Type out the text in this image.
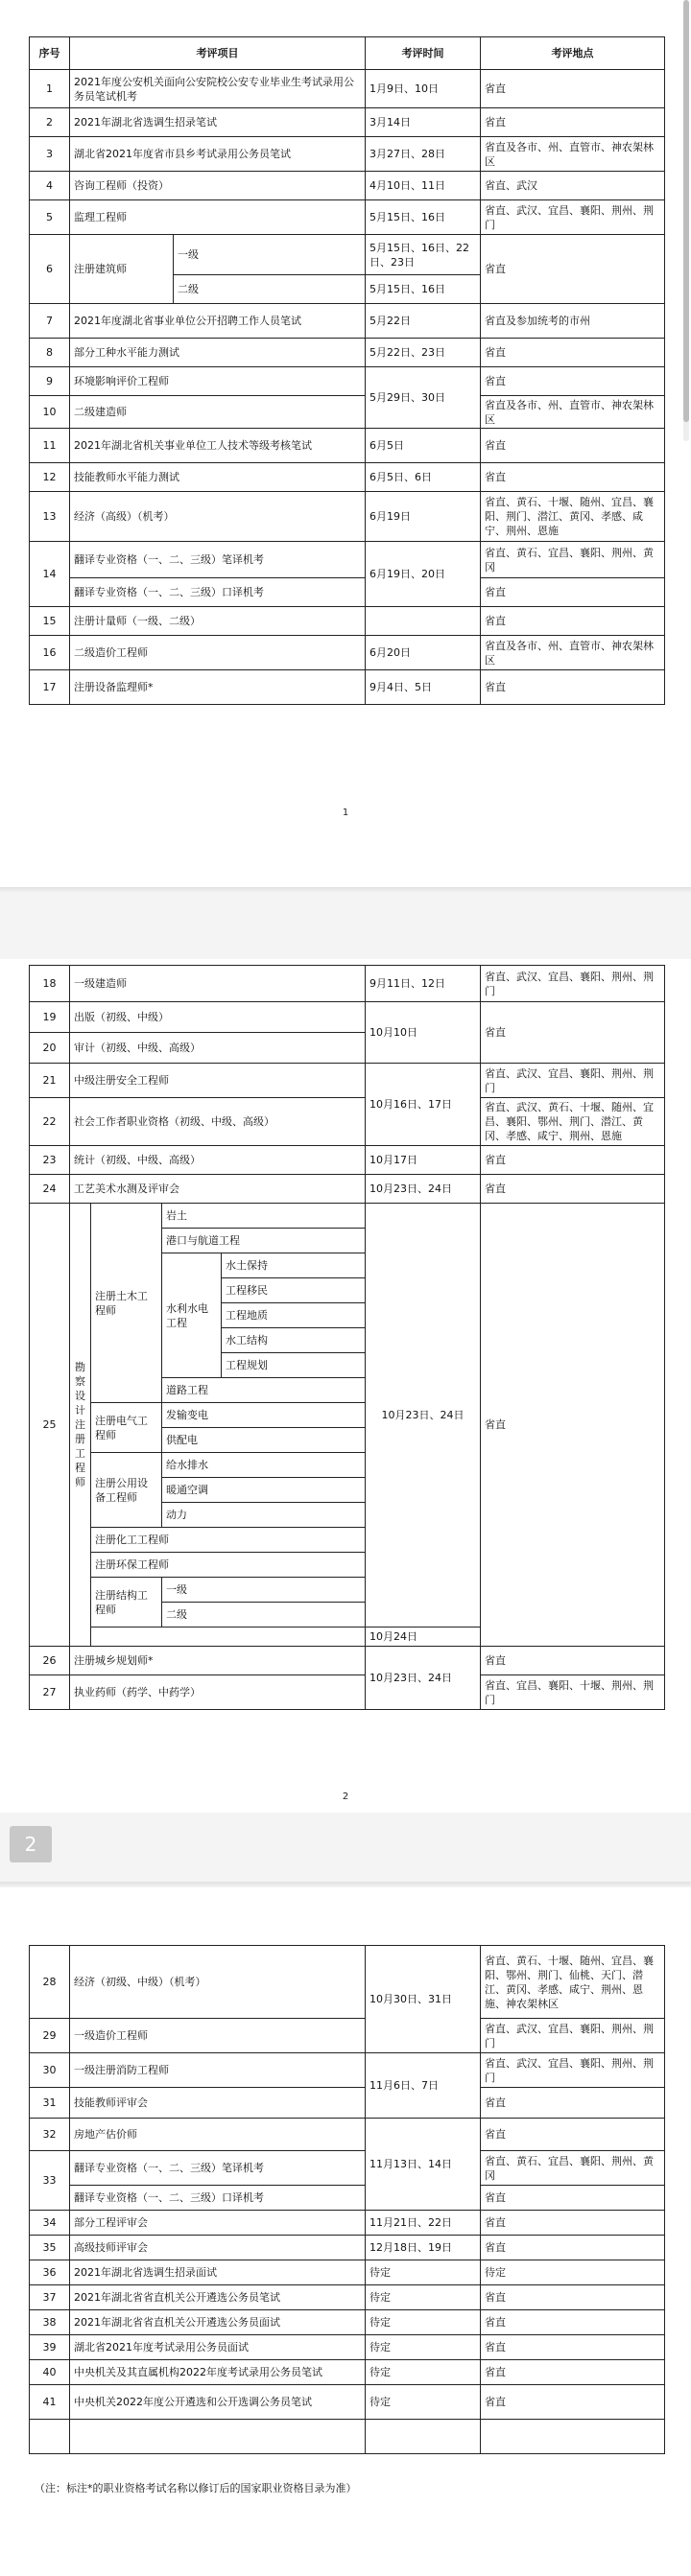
序号	考评项目		考评时间	考评地点
1	2021年度公安机关面向公安院校公安专业毕业生考试录用公务员笔试机考		1月9日、10日	省直
2	2021年湖北省选调生招录笔试		3月14日	省直
3	湖北省2021年度省市县乡考试录用公务员笔试		3月27日、28日	省直及各市、州、直管市、神农架林区
4	咨询工程师（投资）		4月10日、11日	省直、武汉
5	监理工程师		5月15日、16日	省直、武汉、宜昌、襄阳、荆州、荆门
6	注册建筑师	一级	5月15日、16日、22日、23日	省直
		二级	5月15日、16日	
7	2021年度湖北省事业单位公开招聘工作人员笔试		5月22日	省直及参加统考的市州
8	部分工种水平能力测试		5月22日、23日	省直
9	环境影响评价工程师		5月29日、30日	省直
10	二级建造师			省直及各市、州、直管市、神农架林区
11	2021年湖北省机关事业单位工人技术等级考核笔试		6月5日	省直
12	技能教师水平能力测试		6月5日、6日	省直
13	经济（高级）（机考）		6月19日	省直、黄石、十堰、随州、宜昌、襄阳、荆门、潜江、黄冈、孝感、咸宁、荆州、恩施
14	翻译专业资格（一、二、三级）笔译机考		6月19日、20日	省直、黄石、宜昌、襄阳、荆州、黄冈
	翻译专业资格（一、二、三级）口译机考			省直
15	注册计量师（一级、二级）			省直
16	二级造价工程师		6月20日	省直及各市、州、直管市、神农架林区
17	注册设备监理师*		9月4日、5日	省直
1
18	一级建造师				9月11日、12日	省直、武汉、宜昌、襄阳、荆州、荆门
19	出版（初级、中级）				10月10日	省直
20	审计（初级、中级、高级）					
21	中级注册安全工程师				10月16日、17日	省直、武汉、宜昌、襄阳、荆州、荆门
22	社会工作者职业资格（初级、中级、高级）					省直、武汉、黄石、十堰、随州、宜昌、襄阳、鄂州、荆门、潜江、黄冈、孝感、咸宁、荆州、恩施
23	统计（初级、中级、高级）				10月17日	省直
24	工艺美术水测及评审会				10月23日、24日	省直
25	勘察设计注册工程师	注册土木工程师	岩土		10月23日、24日	省直
			港口与航道工程			
			水利水电工程	水土保持		
				工程移民		
				工程地质		
				水工结构		
				工程规划		
			道路工程			
		注册电气工程师	发输变电			
			供配电			
		注册公用设备工程师	给水排水			
			暖通空调			
			动力			
		注册化工工程师				
		注册环保工程师				
		注册结构工程师	一级			
			二级			
					10月24日	
26	注册城乡规划师*				10月23日、24日	省直
27	执业药师（药学、中药学）					省直、宜昌、襄阳、十堰、荆州、荆门
2
2
28	经济（初级、中级）（机考）	10月30日、31日	省直、黄石、十堰、随州、宜昌、襄阳、鄂州、荆门、仙桃、天门、潜江、黄冈、孝感、咸宁、荆州、恩施、神农架林区
29	一级造价工程师		省直、武汉、宜昌、襄阳、荆州、荆门
30	一级注册消防工程师	11月6日、7日	省直、武汉、宜昌、襄阳、荆州、荆门
31	技能教师评审会		省直
32	房地产估价师	11月13日、14日	省直
33	翻译专业资格（一、二、三级）笔译机考		省直、黄石、宜昌、襄阳、荆州、黄冈
	翻译专业资格（一、二、三级）口译机考		省直
34	部分工程评审会	11月21日、22日	省直
35	高级技师评审会	12月18日、19日	省直
36	2021年湖北省选调生招录面试	待定	待定
37	2021年湖北省省直机关公开遴选公务员笔试	待定	省直
38	2021年湖北省省直机关公开遴选公务员面试	待定	省直
39	湖北省2021年度考试录用公务员面试	待定	省直
40	中央机关及其直属机构2022年度考试录用公务员笔试	待定	省直
41	中央机关2022年度公开遴选和公开选调公务员笔试	待定	省直

（注：标注*的职业资格考试名称以修订后的国家职业资格目录为准）
